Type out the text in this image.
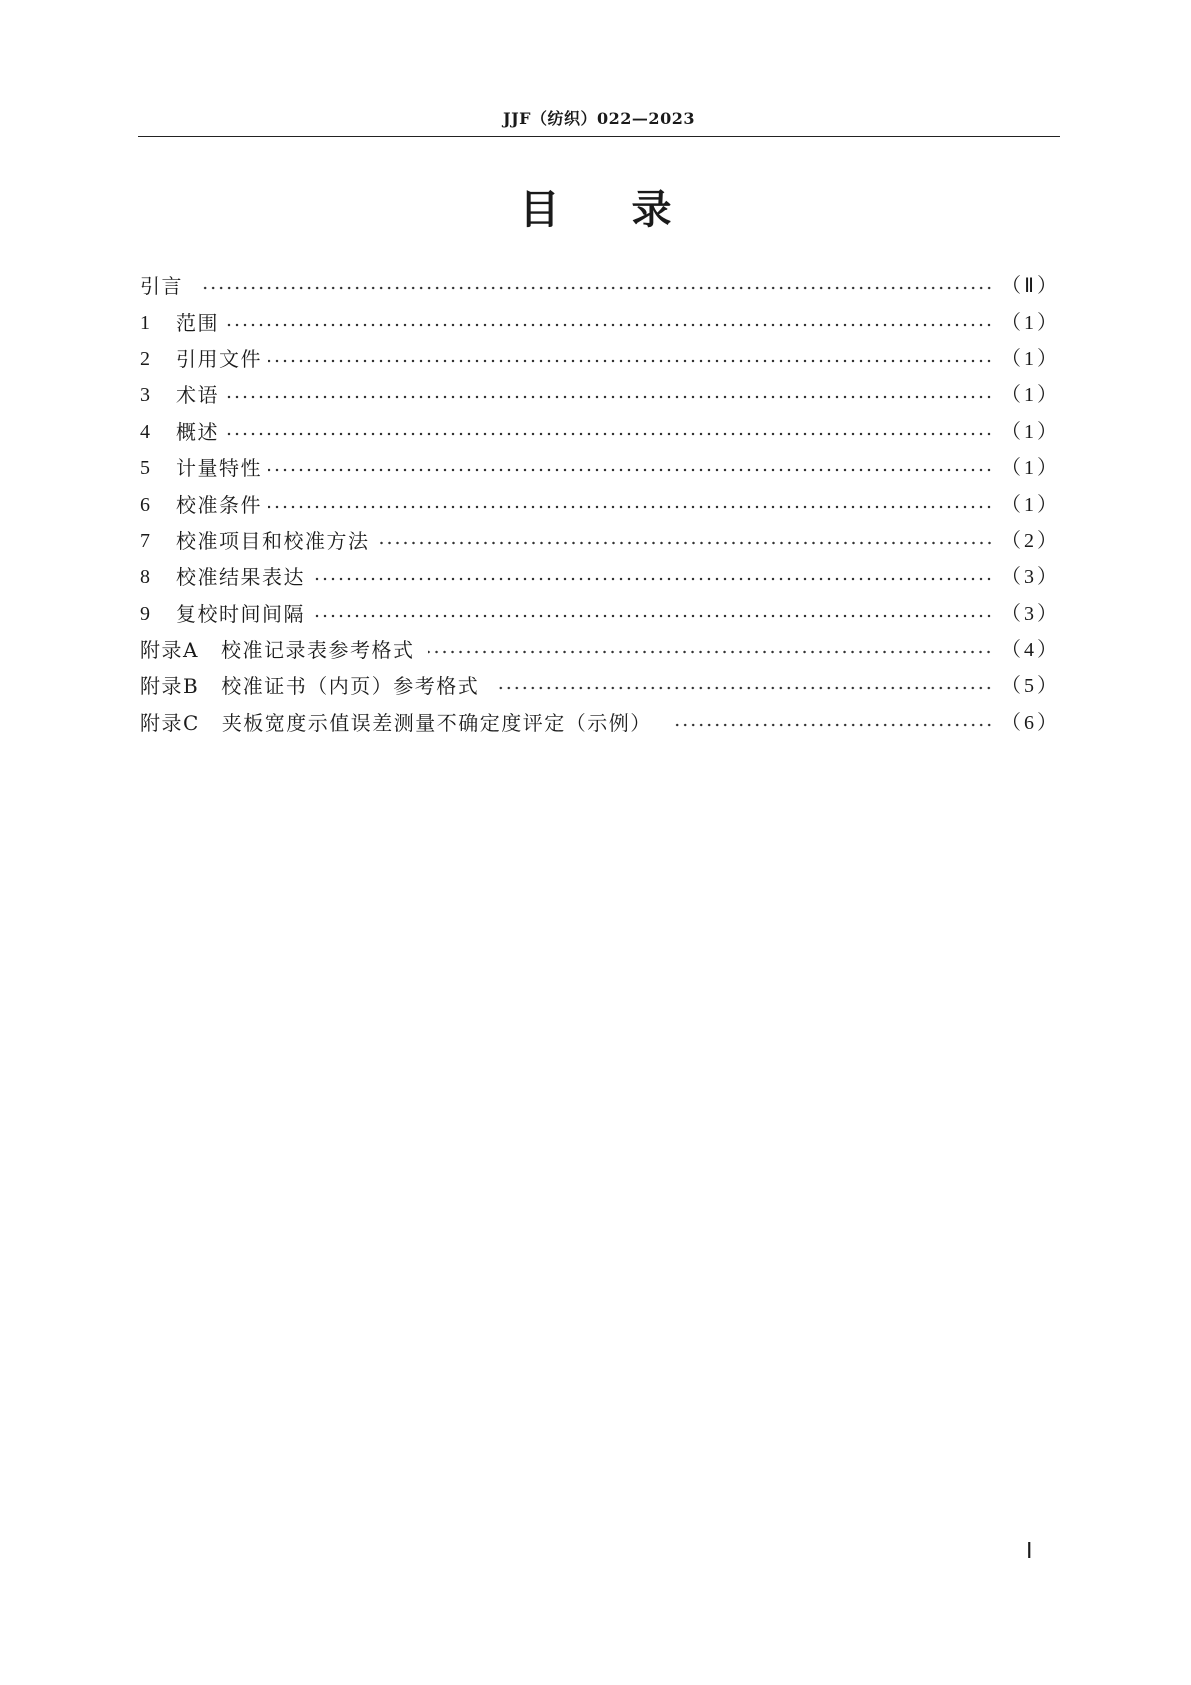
JJF（纺织）022—2023
目 录
引言	（Ⅱ）
1	范围	（1）
2	引用文件	（1）
3	术语	（1）
4	概述	（1）
5	计量特性	（1）
6	校准条件	（1）
7	校准项目和校准方法	（2）
8	校准结果表达	（3）
9	复校时间间隔	（3）
附录A 校准记录表参考格式	（4）
附录B 校准证书（内页）参考格式	（5）
附录C 夹板宽度示值误差测量不确定度评定（示例）	（6）
Ⅰ
